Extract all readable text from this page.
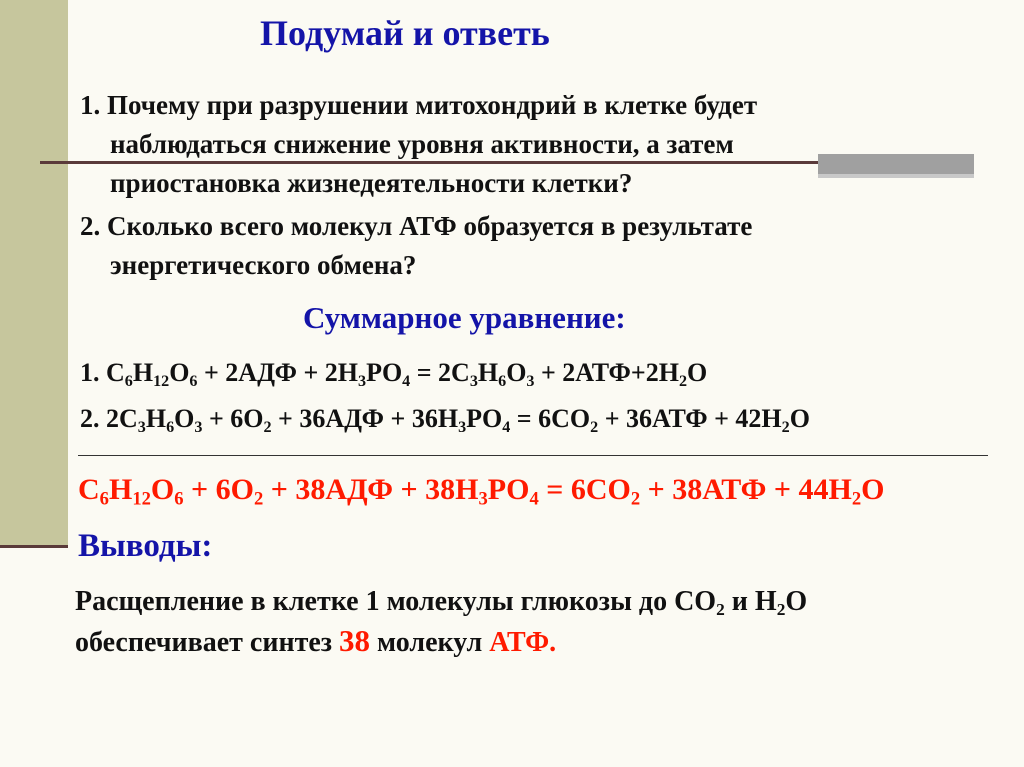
Подумай и ответь
1. Почему при разрушении митохондрий в клетке будет
наблюдаться снижение уровня активности, а затем
приостановка жизнедеятельности клетки?
2. Сколько всего молекул АТФ образуется в результате
энергетического обмена?
Суммарное уравнение:
1. $C_6H_{12}O_6 + 2АДФ + 2H_3PO_4 = 2C_3H_6O_3 + 2АТФ+2H_2O$
2. $2C_3H_6O_3 + 6O_2 + 36АДФ + 36H_3PO_4 = 6CO_2 + 36АТФ + 42H_2O$
$C_6H_{12}O_6 + 6O_2 + 38АДФ + 38H_3PO_4 = 6CO_2 + 38АТФ + 44H_2O$
Выводы:
Расщепление в клетке 1 молекулы глюкозы до $CO_2$ и $H_2O$
обеспечивает синтез 38 молекул АТФ.
